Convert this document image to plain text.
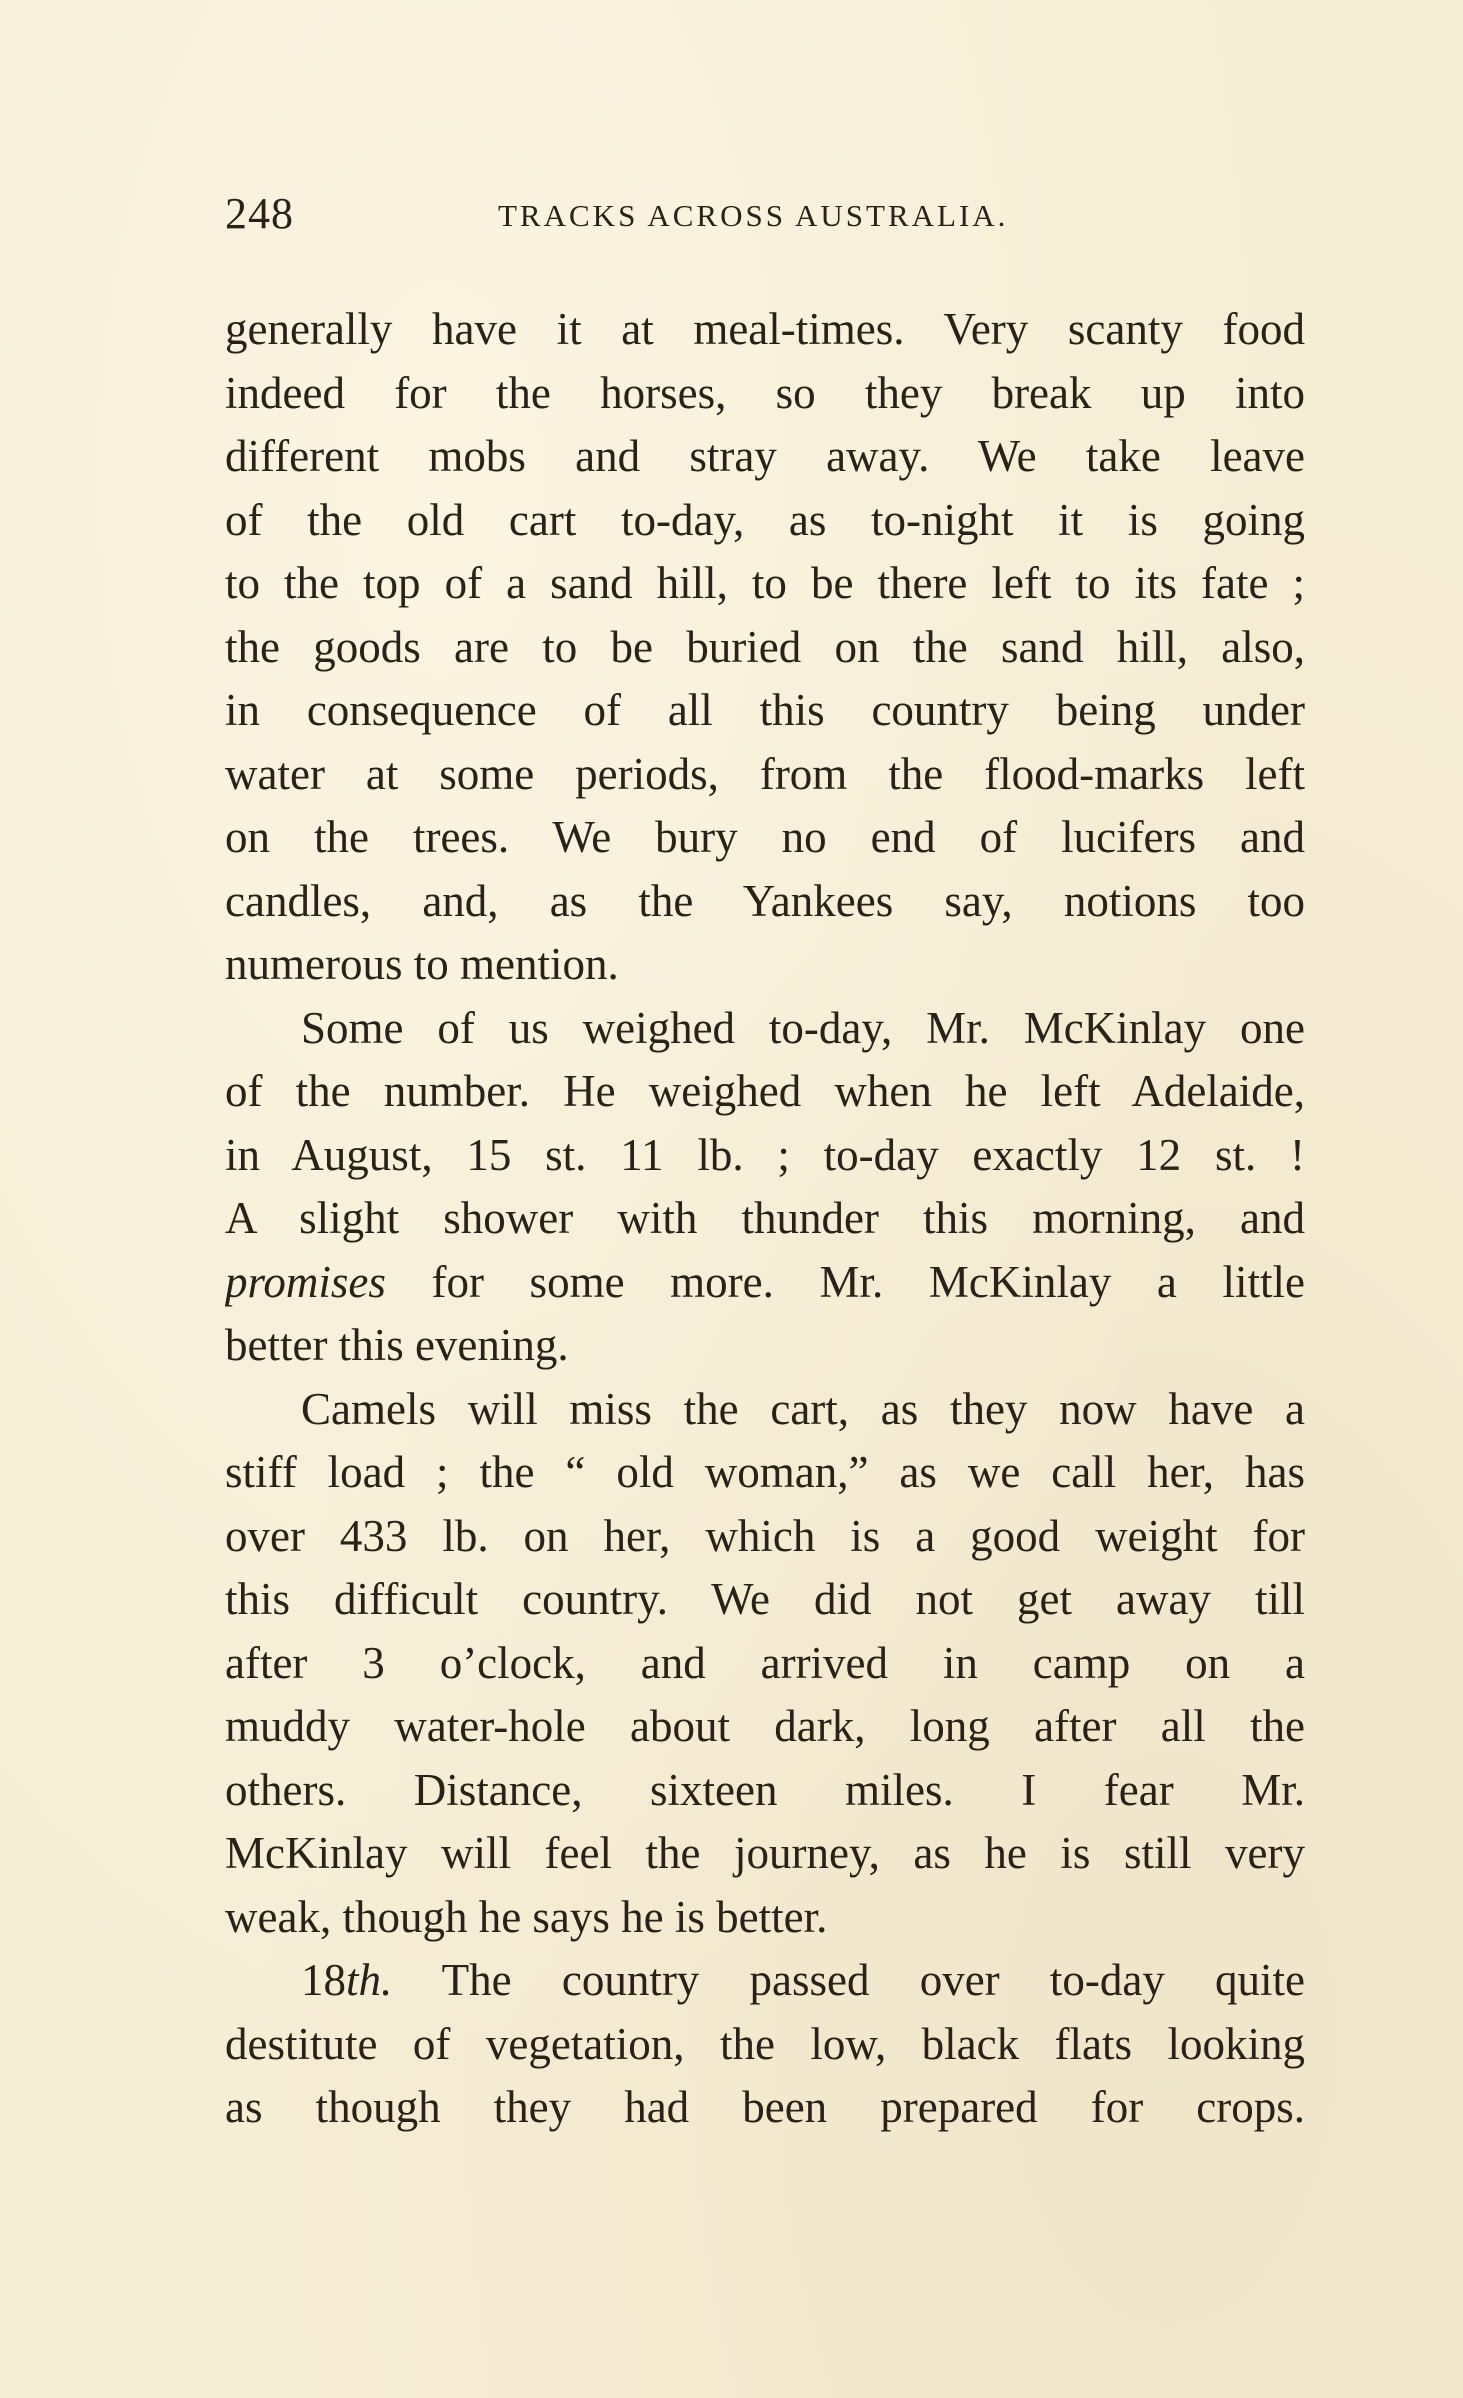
248	TRACKS ACROSS AUSTRALIA.
generally have it at meal-times. Very scanty food
indeed for the horses, so they break up into
different mobs and stray away. We take leave
of the old cart to-day, as to-night it is going
to the top of a sand hill, to be there left to its fate ;
the goods are to be buried on the sand hill, also,
in consequence of all this country being under
water at some periods, from the flood-marks left
on the trees. We bury no end of lucifers and
candles, and, as the Yankees say, notions too
numerous to mention.
Some of us weighed to-day, Mr. McKinlay one
of the number. He weighed when he left Adelaide,
in August, 15 st. 11 lb. ; to-day exactly 12 st. !
A slight shower with thunder this morning, and
promises for some more. Mr. McKinlay a little
better this evening.
Camels will miss the cart, as they now have a
stiff load ; the “ old woman,” as we call her, has
over 433 lb. on her, which is a good weight for
this difficult country. We did not get away till
after 3 o’clock, and arrived in camp on a
muddy water-hole about dark, long after all the
others. Distance, sixteen miles. I fear Mr.
McKinlay will feel the journey, as he is still very
weak, though he says he is better.
18th. The country passed over to-day quite
destitute of vegetation, the low, black flats looking
as though they had been prepared for crops.
